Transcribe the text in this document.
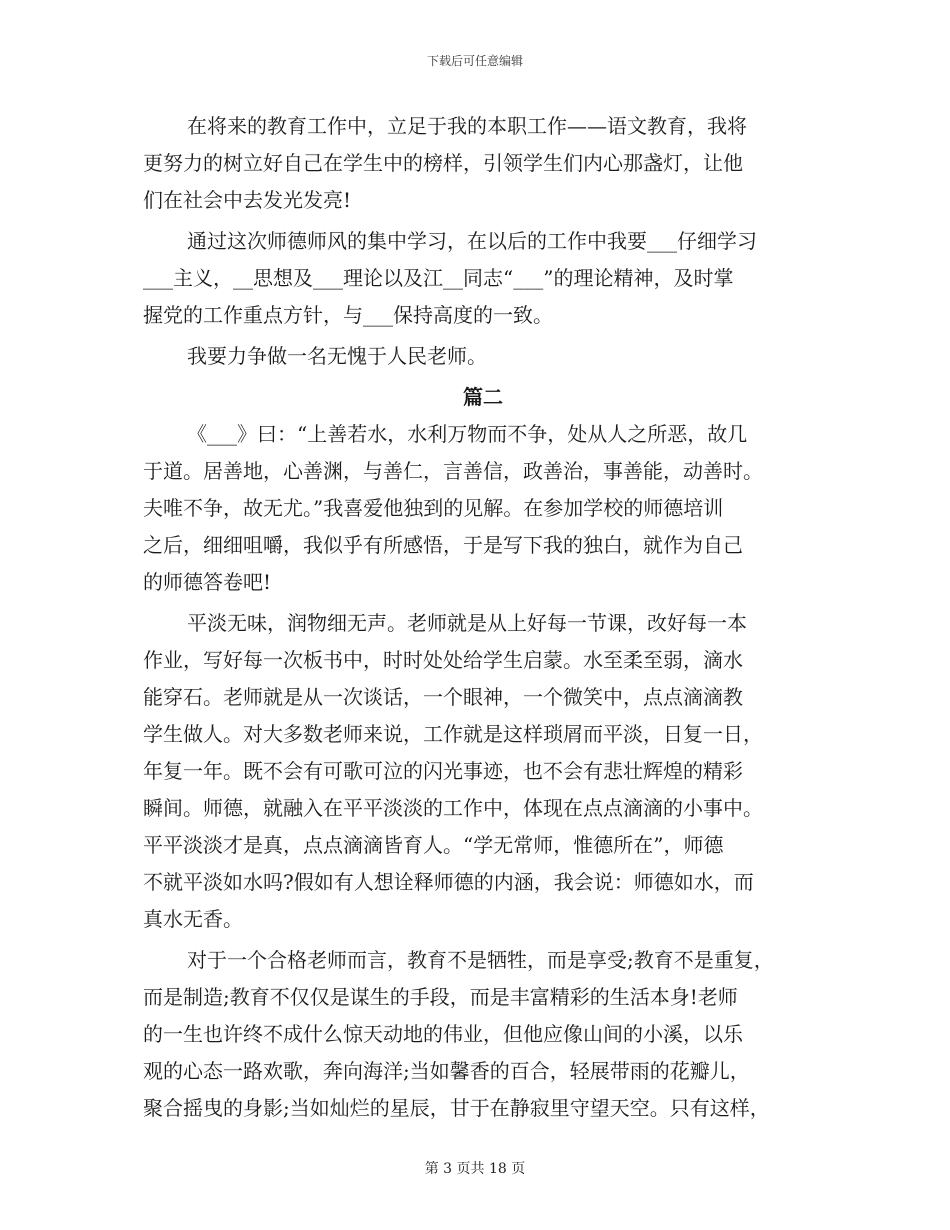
下载后可任意编辑

在将来的教育工作中，立足于我的本职工作——语文教育，我将
更努力的树立好自己在学生中的榜样，引领学生们内心那盏灯，让他
们在社会中去发光发亮!

通过这次师德师风的集中学习，在以后的工作中我要___仔细学习
___主义，__思想及___理论以及江__同志“___”的理论精神，及时掌
握党的工作重点方针，与___保持高度的一致。

我要力争做一名无愧于人民老师。

篇二

《___》曰：“上善若水，水利万物而不争，处从人之所恶，故几
于道。居善地，心善渊，与善仁，言善信，政善治，事善能，动善时。
夫唯不争，故无尤。”我喜爱他独到的见解。在参加学校的师德培训
之后，细细咀嚼，我似乎有所感悟，于是写下我的独白，就作为自己
的师德答卷吧!

平淡无味，润物细无声。老师就是从上好每一节课，改好每一本
作业，写好每一次板书中，时时处处给学生启蒙。水至柔至弱，滴水
能穿石。老师就是从一次谈话，一个眼神，一个微笑中，点点滴滴教
学生做人。对大多数老师来说，工作就是这样琐屑而平淡，日复一日，
年复一年。既不会有可歌可泣的闪光事迹，也不会有悲壮辉煌的精彩
瞬间。师德，就融入在平平淡淡的工作中，体现在点点滴滴的小事中。
平平淡淡才是真，点点滴滴皆育人。“学无常师，惟德所在”，师德
不就平淡如水吗?假如有人想诠释师德的内涵，我会说：师德如水，而
真水无香。

对于一个合格老师而言，教育不是牺牲，而是享受;教育不是重复，
而是制造;教育不仅仅是谋生的手段，而是丰富精彩的生活本身!老师
的一生也许终不成什么惊天动地的伟业，但他应像山间的小溪，以乐
观的心态一路欢歌，奔向海洋;当如馨香的百合，轻展带雨的花瓣儿，
聚合摇曳的身影;当如灿烂的星辰，甘于在静寂里守望天空。只有这样，

第 3 页共 18 页
